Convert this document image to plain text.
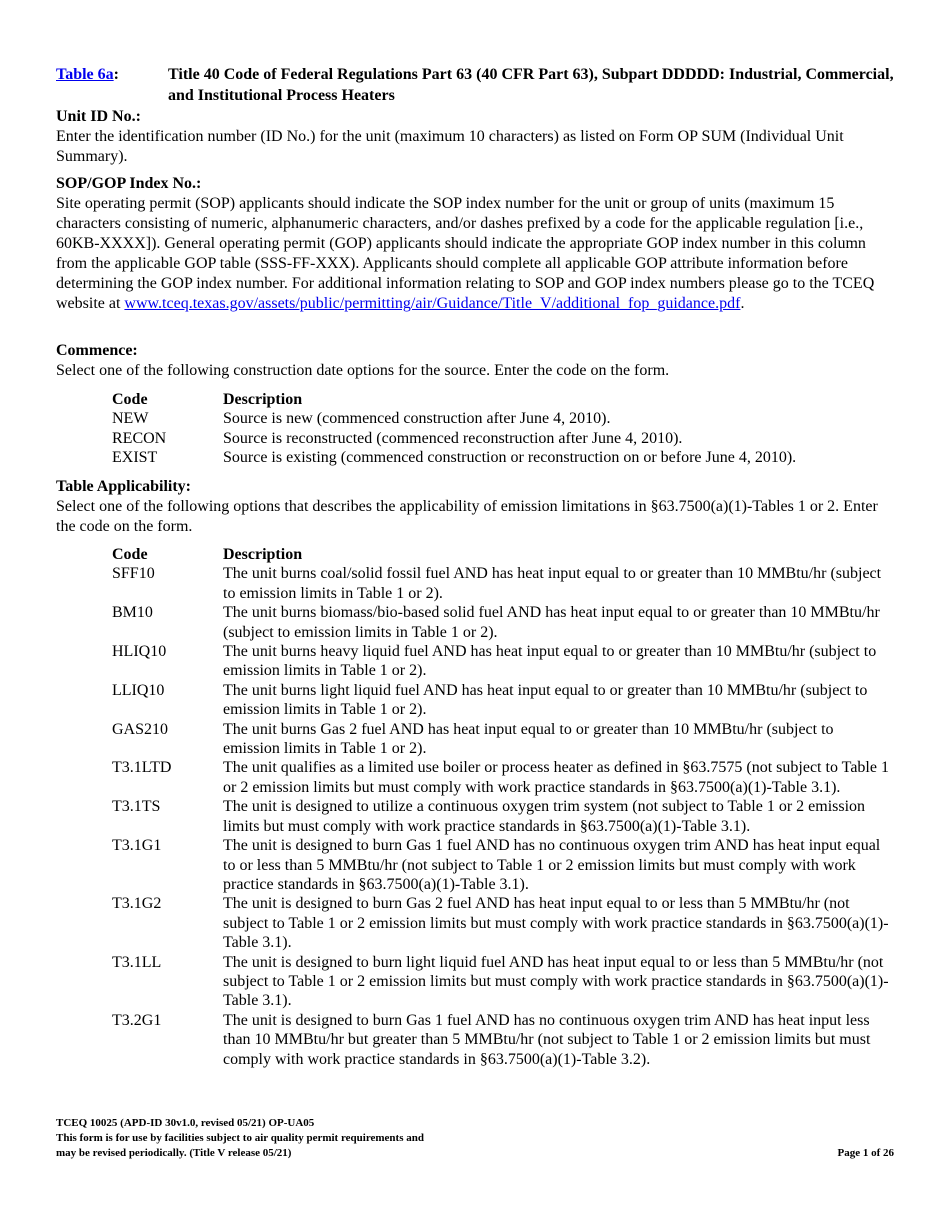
Table 6a:	Title 40 Code of Federal Regulations Part 63 (40 CFR Part 63), Subpart DDDDD: Industrial, Commercial, and Institutional Process Heaters
Unit ID No.:
Enter the identification number (ID No.) for the unit (maximum 10 characters) as listed on Form OP SUM (Individual Unit Summary).
SOP/GOP Index No.:
Site operating permit (SOP) applicants should indicate the SOP index number for the unit or group of units (maximum 15 characters consisting of numeric, alphanumeric characters, and/or dashes prefixed by a code for the applicable regulation [i.e., 60KB-XXXX]). General operating permit (GOP) applicants should indicate the appropriate GOP index number in this column from the applicable GOP table (SSS-FF-XXX). Applicants should complete all applicable GOP attribute information before determining the GOP index number. For additional information relating to SOP and GOP index numbers please go to the TCEQ website at www.tceq.texas.gov/assets/public/permitting/air/Guidance/Title_V/additional_fop_guidance.pdf.
Commence:
Select one of the following construction date options for the source. Enter the code on the form.
Code	Description
NEW	Source is new (commenced construction after June 4, 2010).
RECON	Source is reconstructed (commenced reconstruction after June 4, 2010).
EXIST	Source is existing (commenced construction or reconstruction on or before June 4, 2010).
Table Applicability:
Select one of the following options that describes the applicability of emission limitations in §63.7500(a)(1)-Tables 1 or 2. Enter the code on the form.
Code	Description
SFF10	The unit burns coal/solid fossil fuel AND has heat input equal to or greater than 10 MMBtu/hr (subject to emission limits in Table 1 or 2).
BM10	The unit burns biomass/bio-based solid fuel AND has heat input equal to or greater than 10 MMBtu/hr (subject to emission limits in Table 1 or 2).
HLIQ10	The unit burns heavy liquid fuel AND has heat input equal to or greater than 10 MMBtu/hr (subject to emission limits in Table 1 or 2).
LLIQ10	The unit burns light liquid fuel AND has heat input equal to or greater than 10 MMBtu/hr (subject to emission limits in Table 1 or 2).
GAS210	The unit burns Gas 2 fuel AND has heat input equal to or greater than 10 MMBtu/hr (subject to emission limits in Table 1 or 2).
T3.1LTD	The unit qualifies as a limited use boiler or process heater as defined in §63.7575 (not subject to Table 1 or 2 emission limits but must comply with work practice standards in §63.7500(a)(1)-Table 3.1).
T3.1TS	The unit is designed to utilize a continuous oxygen trim system (not subject to Table 1 or 2 emission limits but must comply with work practice standards in §63.7500(a)(1)-Table 3.1).
T3.1G1	The unit is designed to burn Gas 1 fuel AND has no continuous oxygen trim AND has heat input equal to or less than 5 MMBtu/hr (not subject to Table 1 or 2 emission limits but must comply with work practice standards in §63.7500(a)(1)-Table 3.1).
T3.1G2	The unit is designed to burn Gas 2 fuel AND has heat input equal to or less than 5 MMBtu/hr (not subject to Table 1 or 2 emission limits but must comply with work practice standards in §63.7500(a)(1)-Table 3.1).
T3.1LL	The unit is designed to burn light liquid fuel AND has heat input equal to or less than 5 MMBtu/hr (not subject to Table 1 or 2 emission limits but must comply with work practice standards in §63.7500(a)(1)-Table 3.1).
T3.2G1	The unit is designed to burn Gas 1 fuel AND has no continuous oxygen trim AND has heat input less than 10 MMBtu/hr but greater than 5 MMBtu/hr (not subject to Table 1 or 2 emission limits but must comply with work practice standards in §63.7500(a)(1)-Table 3.2).
TCEQ 10025 (APD-ID 30v1.0, revised 05/21) OP-UA05
This form is for use by facilities subject to air quality permit requirements and
may be revised periodically. (Title V release 05/21)	Page 1 of 26
